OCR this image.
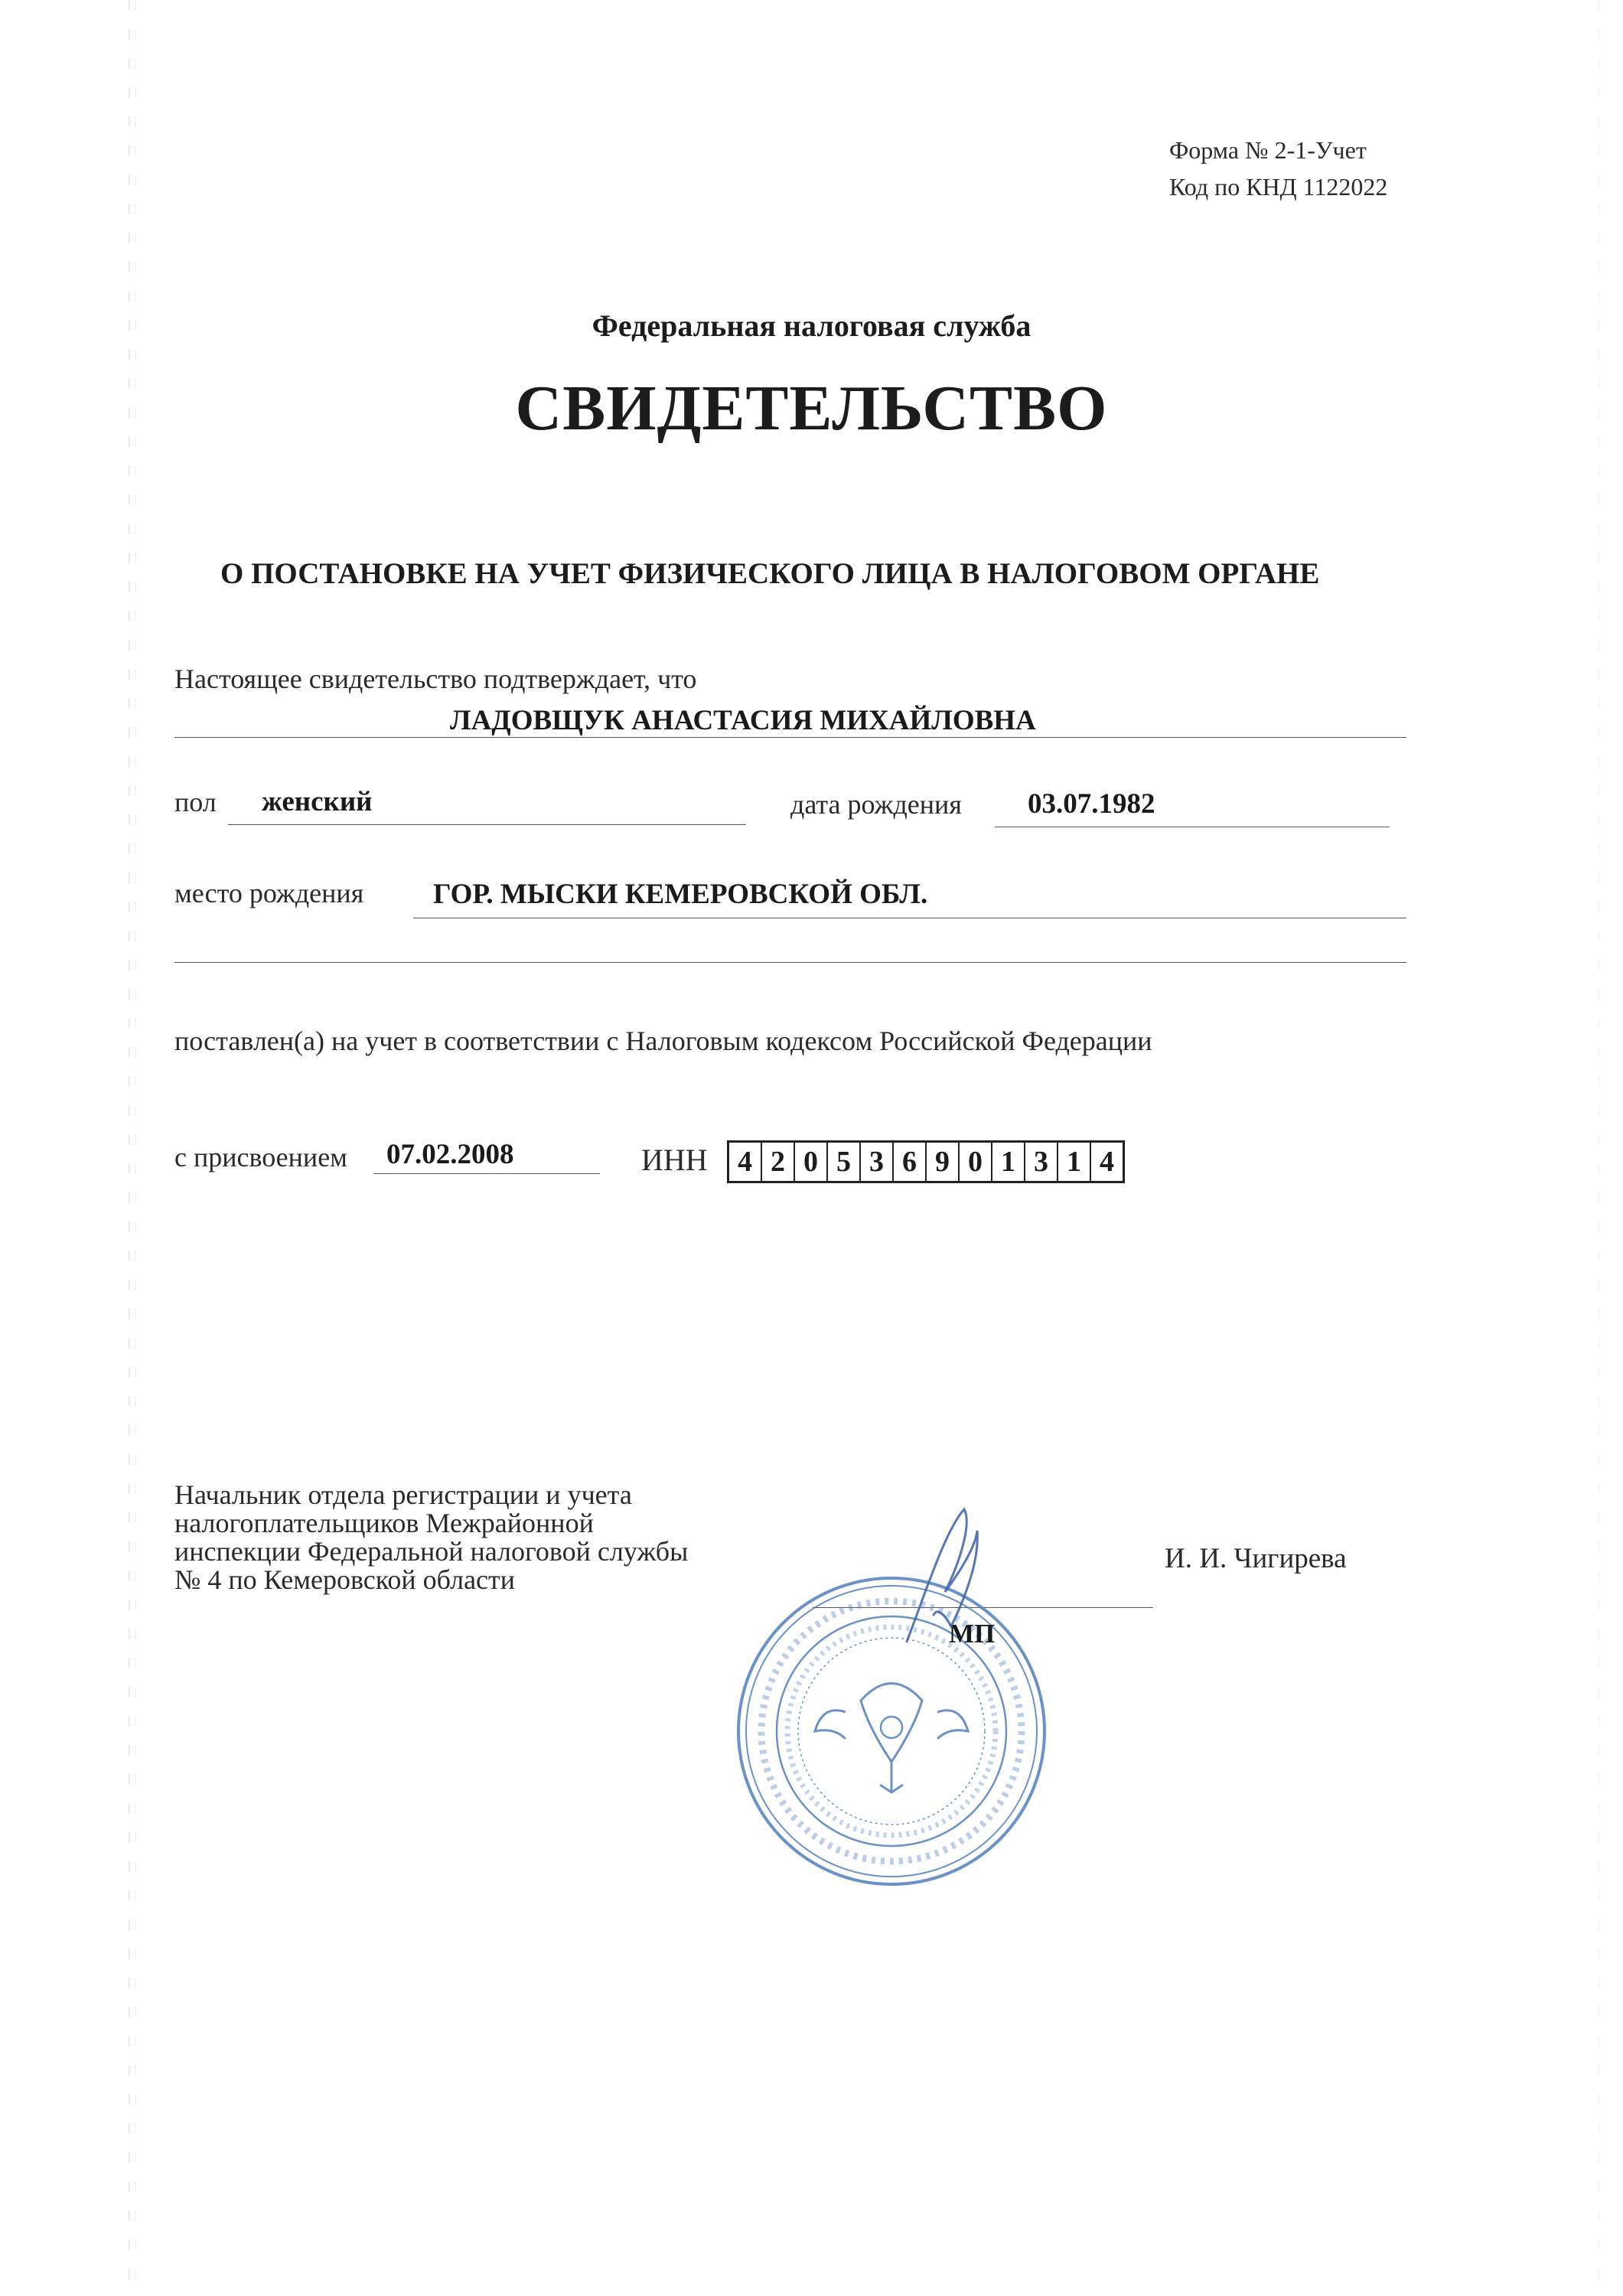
Форма № 2-1-Учет
Код по КНД 1122022
Федеральная налоговая служба
СВИДЕТЕЛЬСТВО
О ПОСТАНОВКЕ НА УЧЕТ ФИЗИЧЕСКОГО ЛИЦА В НАЛОГОВОМ ОРГАНЕ
Настоящее свидетельство подтверждает, что
ЛАДОВЩУК АНАСТАСИЯ МИХАЙЛОВНА
пол женский	дата рождения 03.07.1982
место рождения ГОР. МЫСКИ КЕМЕРОВСКОЙ ОБЛ.
поставлен(а) на учет в соответствии с Налоговым кодексом Российской Федерации
с присвоением 07.02.2008	ИНН 4 2 0 5 3 6 9 0 1 3 1 4
Начальник отдела регистрации и учета
налогоплательщиков Межрайонной
инспекции Федеральной налоговой службы
№ 4 по Кемеровской области
И. И. Чигирева
МП
